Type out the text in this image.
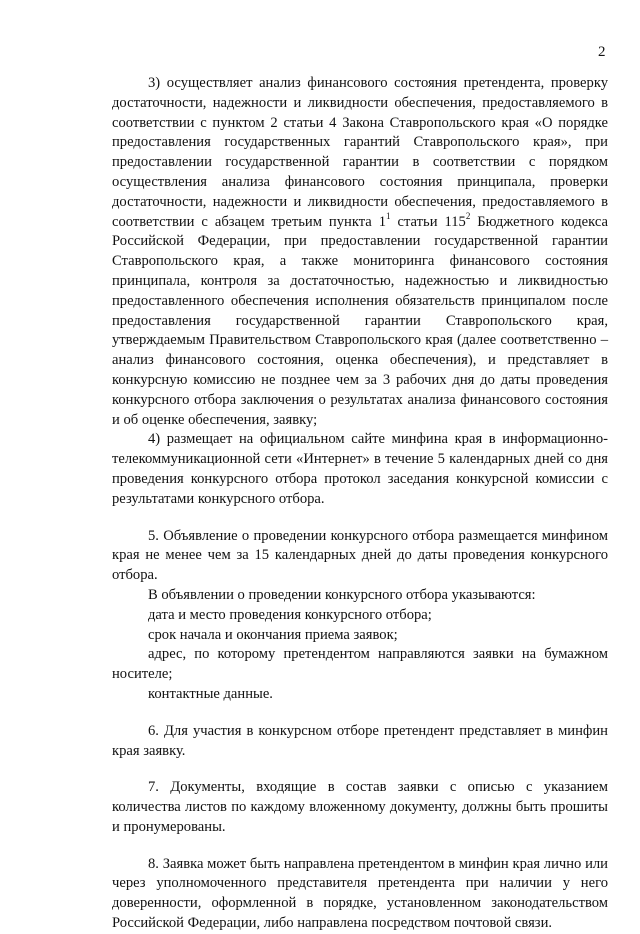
2

3) осуществляет анализ финансового состояния претендента, проверку достаточности, надежности и ликвидности обеспечения, предоставляемого в соответствии с пунктом 2 статьи 4 Закона Ставропольского края «О порядке предоставления государственных гарантий Ставропольского края», при предоставлении государственной гарантии в соответствии с порядком осуществления анализа финансового состояния принципала, проверки достаточности, надежности и ликвидности обеспечения, предоставляемого в соответствии с абзацем третьим пункта $1^1$ статьи $115^2$ Бюджетного кодекса Российской Федерации, при предоставлении государственной гарантии Ставропольского края, а также мониторинга финансового состояния принципала, контроля за достаточностью, надежностью и ликвидностью предоставленного обеспечения исполнения обязательств принципалом после предоставления государственной гарантии Ставропольского края, утверждаемым Правительством Ставропольского края (далее соответственно – анализ финансового состояния, оценка обеспечения), и представляет в конкурсную комиссию не позднее чем за 3 рабочих дня до даты проведения конкурсного отбора заключения о результатах анализа финансового состояния и об оценке обеспечения, заявку;

4) размещает на официальном сайте минфина края в информационно-телекоммуникационной сети «Интернет» в течение 5 календарных дней со дня проведения конкурсного отбора протокол заседания конкурсной комиссии с результатами конкурсного отбора.

5. Объявление о проведении конкурсного отбора размещается минфином края не менее чем за 15 календарных дней до даты проведения конкурсного отбора.

В объявлении о проведении конкурсного отбора указываются:

дата и место проведения конкурсного отбора;

срок начала и окончания приема заявок;

адрес, по которому претендентом направляются заявки на бумажном носителе;

контактные данные.

6. Для участия в конкурсном отборе претендент представляет в минфин края заявку.

7. Документы, входящие в состав заявки с описью с указанием количества листов по каждому вложенному документу, должны быть прошиты и пронумерованы.

8. Заявка может быть направлена претендентом в минфин края лично или через уполномоченного представителя претендента при наличии у него доверенности, оформленной в порядке, установленном законодательством Российской Федерации, либо направлена посредством почтовой связи.
